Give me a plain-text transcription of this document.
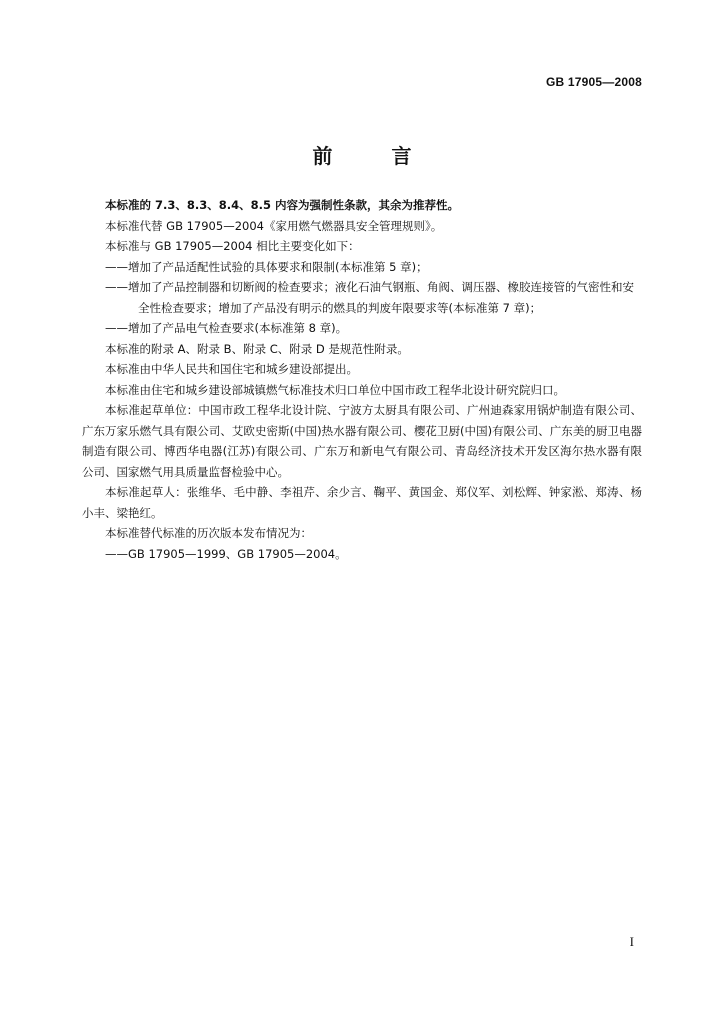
GB 17905—2008
前 言

本标准的 7.3、8.3、8.4、8.5 内容为强制性条款，其余为推荐性。

本标准代替 GB 17905—2004《家用燃气燃器具安全管理规则》。

本标准与 GB 17905—2004 相比主要变化如下：

——增加了产品适配性试验的具体要求和限制(本标准第 5 章)；

——增加了产品控制器和切断阀的检查要求；液化石油气钢瓶、角阀、调压器、橡胶连接管的气密性和安全性检查要求；增加了产品没有明示的燃具的判废年限要求等(本标准第 7 章)；

——增加了产品电气检查要求(本标准第 8 章)。

本标准的附录 A、附录 B、附录 C、附录 D 是规范性附录。

本标准由中华人民共和国住宅和城乡建设部提出。

本标准由住宅和城乡建设部城镇燃气标准技术归口单位中国市政工程华北设计研究院归口。

本标准起草单位：中国市政工程华北设计院、宁波方太厨具有限公司、广州迪森家用锅炉制造有限公司、广东万家乐燃气具有限公司、艾欧史密斯(中国)热水器有限公司、樱花卫厨(中国)有限公司、广东美的厨卫电器制造有限公司、博西华电器(江苏)有限公司、广东万和新电气有限公司、青岛经济技术开发区海尔热水器有限公司、国家燃气用具质量监督检验中心。

本标准起草人：张维华、毛中静、李祖芹、余少言、鞠平、黄国金、郑仪军、刘松辉、钟家淞、郑涛、杨小丰、梁艳红。

本标准替代标准的历次版本发布情况为：

——GB 17905—1999、GB 17905—2004。

I
